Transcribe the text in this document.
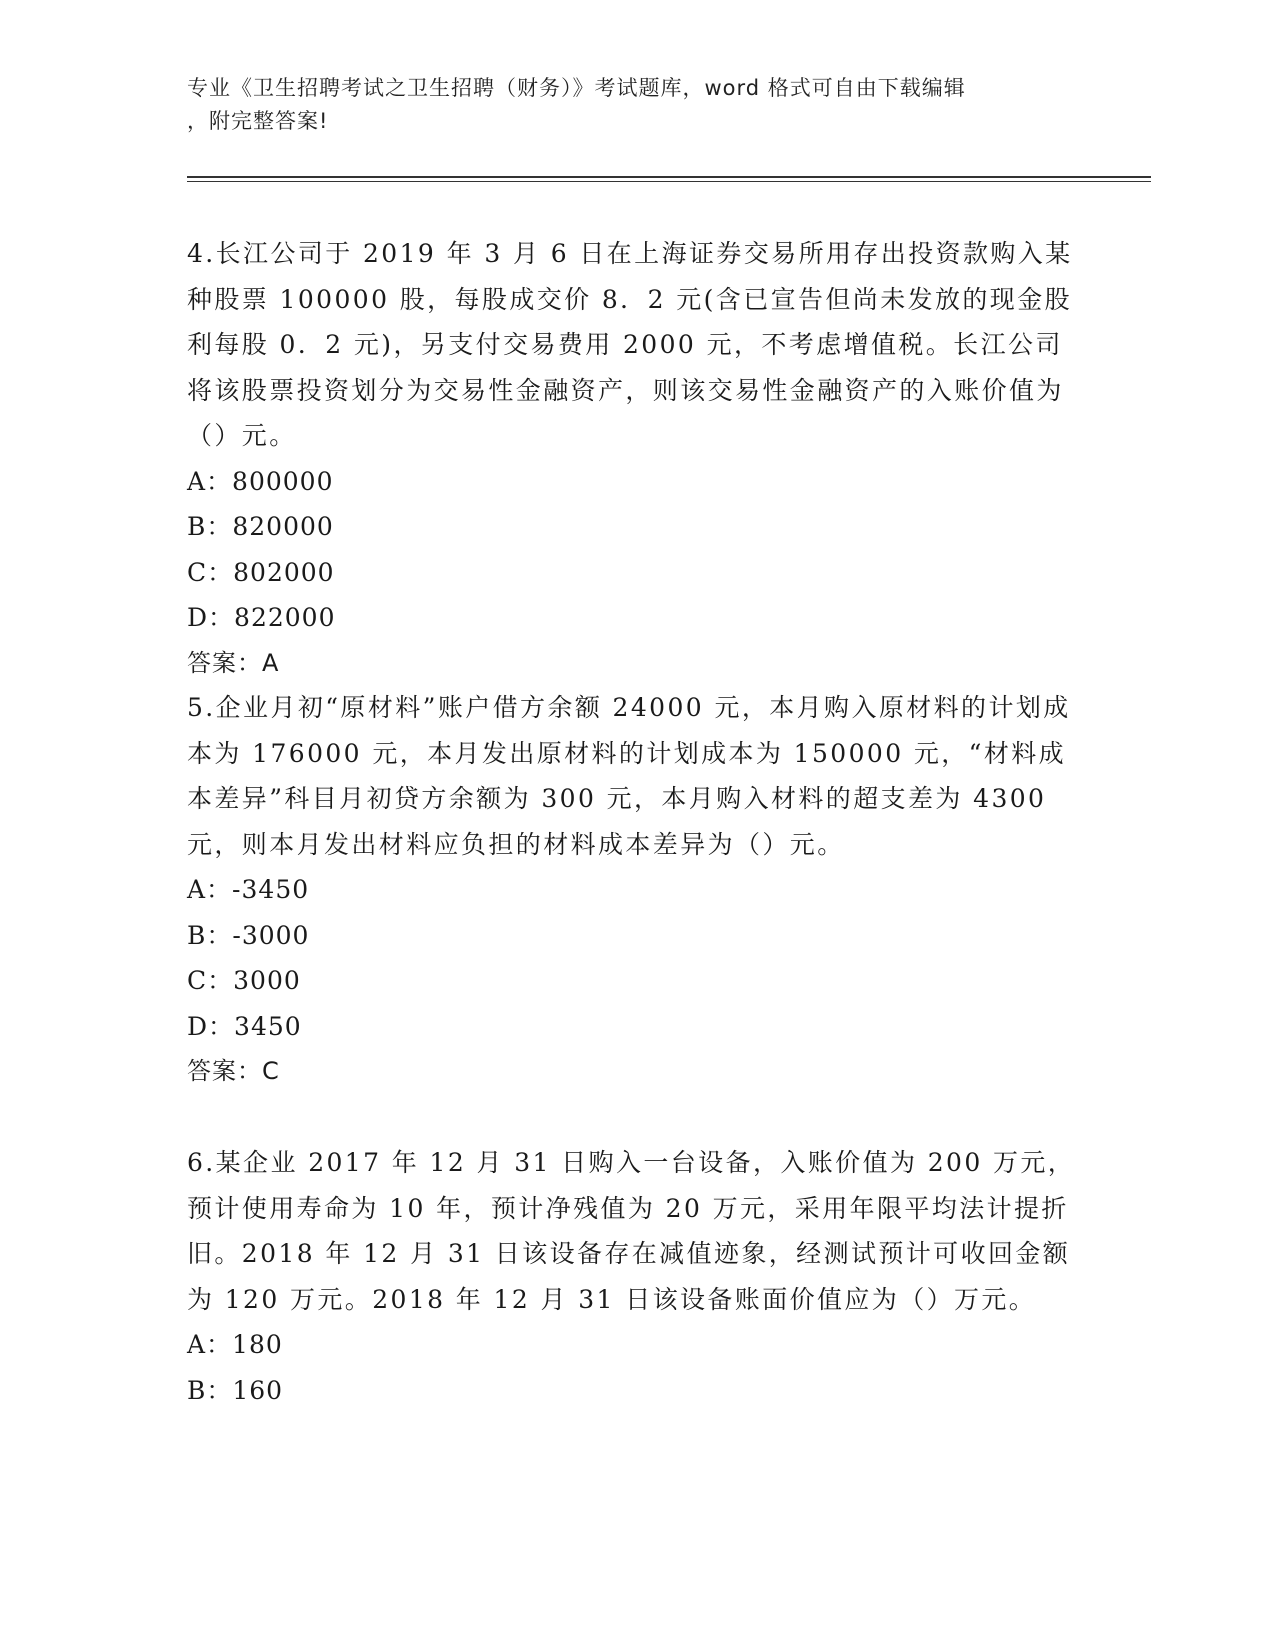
专业《卫生招聘考试之卫生招聘（财务）》考试题库，word 格式可自由下载编辑
，附完整答案!

4.长江公司于 2019 年 3 月 6 日在上海证券交易所用存出投资款购入某种股票 100000 股，每股成交价 8．2 元(含已宣告但尚未发放的现金股利每股 0．2 元)，另支付交易费用 2000 元，不考虑增值税。长江公司将该股票投资划分为交易性金融资产，则该交易性金融资产的入账价值为（）元。

A：800000

B：820000

C：802000

D：822000

答案：A

5.企业月初“原材料”账户借方余额 24000 元，本月购入原材料的计划成本为 176000 元，本月发出原材料的计划成本为 150000 元，“材料成本差异”科目月初贷方余额为 300 元，本月购入材料的超支差为 4300 元，则本月发出材料应负担的材料成本差异为（）元。

A：-3450

B：-3000

C：3000

D：3450

答案：C

6.某企业 2017 年 12 月 31 日购入一台设备，入账价值为 200 万元，预计使用寿命为 10 年，预计净残值为 20 万元，采用年限平均法计提折旧。2018 年 12 月 31 日该设备存在减值迹象，经测试预计可收回金额为 120 万元。2018 年 12 月 31 日该设备账面价值应为（）万元。

A：180

B：160
